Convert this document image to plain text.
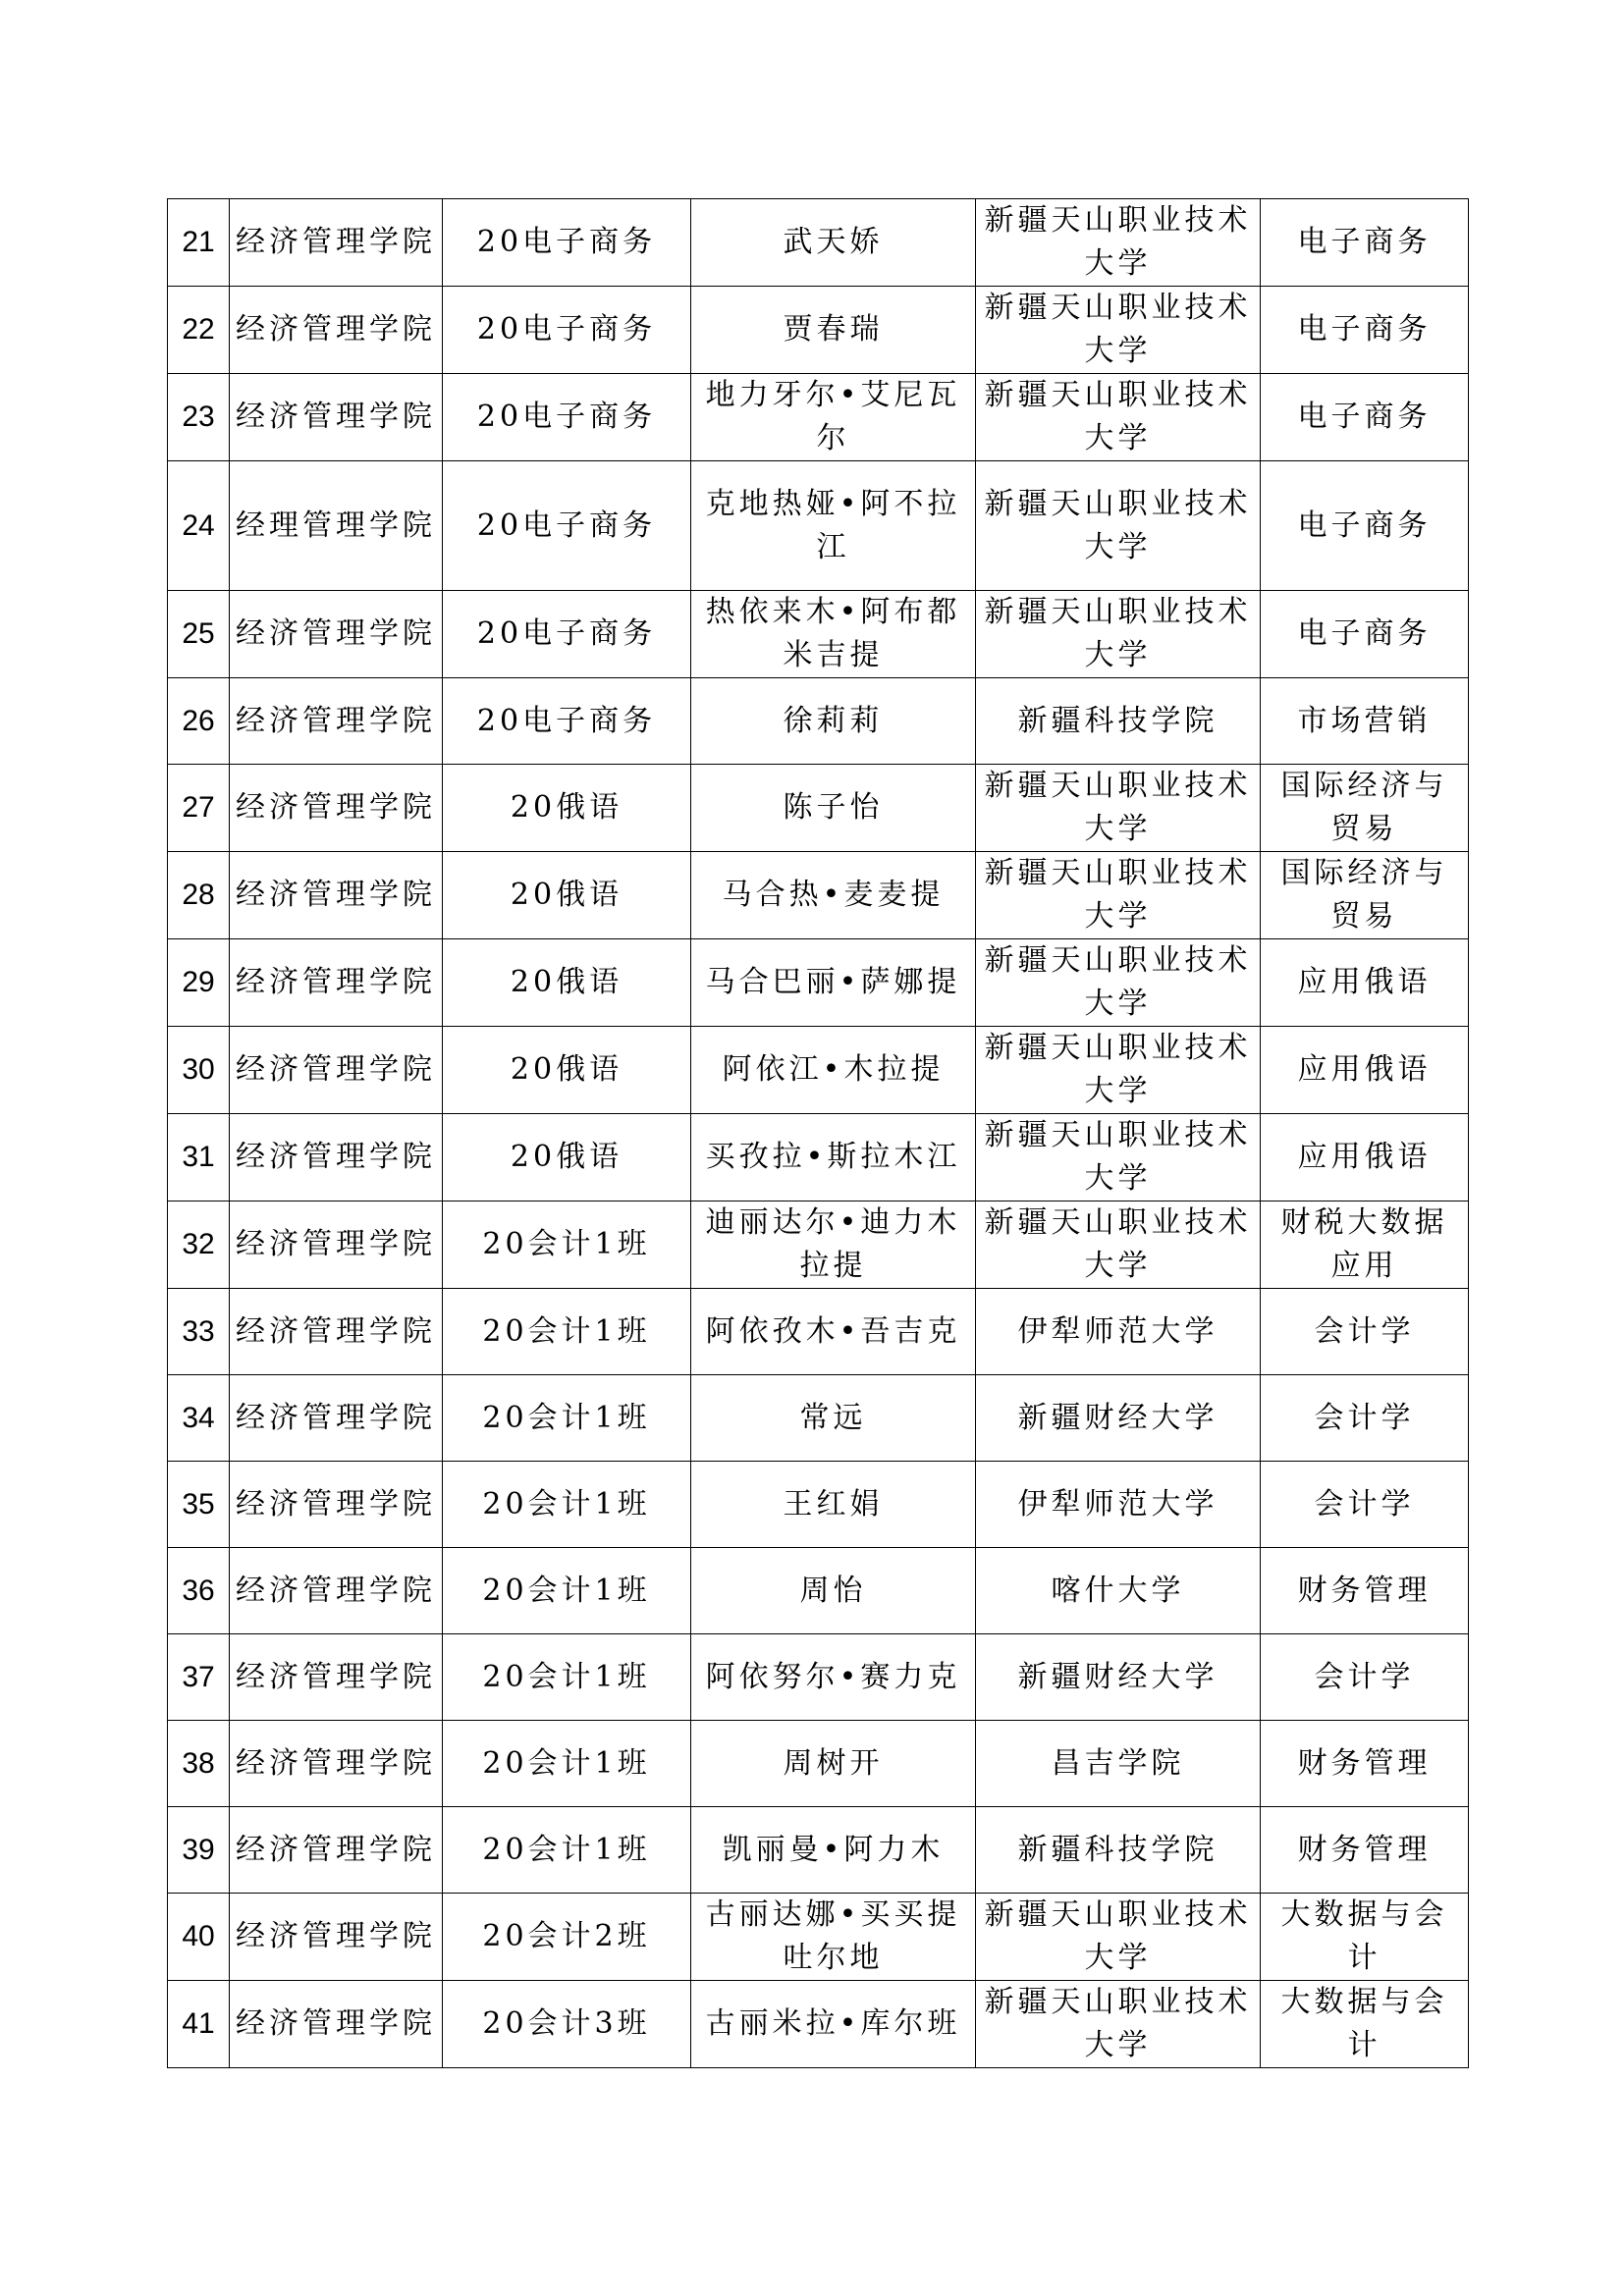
21	经济管理学院	20电子商务	武天娇	新疆天山职业技术大学	电子商务
22	经济管理学院	20电子商务	贾春瑞	新疆天山职业技术大学	电子商务
23	经济管理学院	20电子商务	地力牙尔•艾尼瓦尔	新疆天山职业技术大学	电子商务
24	经理管理学院	20电子商务	克地热娅•阿不拉江	新疆天山职业技术大学	电子商务
25	经济管理学院	20电子商务	热依来木•阿布都米吉提	新疆天山职业技术大学	电子商务
26	经济管理学院	20电子商务	徐莉莉	新疆科技学院	市场营销
27	经济管理学院	20俄语	陈子怡	新疆天山职业技术大学	国际经济与贸易
28	经济管理学院	20俄语	马合热•麦麦提	新疆天山职业技术大学	国际经济与贸易
29	经济管理学院	20俄语	马合巴丽•萨娜提	新疆天山职业技术大学	应用俄语
30	经济管理学院	20俄语	阿依江•木拉提	新疆天山职业技术大学	应用俄语
31	经济管理学院	20俄语	买孜拉•斯拉木江	新疆天山职业技术大学	应用俄语
32	经济管理学院	20会计1班	迪丽达尔•迪力木拉提	新疆天山职业技术大学	财税大数据应用
33	经济管理学院	20会计1班	阿依孜木•吾吉克	伊犁师范大学	会计学
34	经济管理学院	20会计1班	常远	新疆财经大学	会计学
35	经济管理学院	20会计1班	王红娟	伊犁师范大学	会计学
36	经济管理学院	20会计1班	周怡	喀什大学	财务管理
37	经济管理学院	20会计1班	阿依努尔•赛力克	新疆财经大学	会计学
38	经济管理学院	20会计1班	周树开	昌吉学院	财务管理
39	经济管理学院	20会计1班	凯丽曼•阿力木	新疆科技学院	财务管理
40	经济管理学院	20会计2班	古丽达娜•买买提吐尔地	新疆天山职业技术大学	大数据与会计
41	经济管理学院	20会计3班	古丽米拉•库尔班	新疆天山职业技术大学	大数据与会计
